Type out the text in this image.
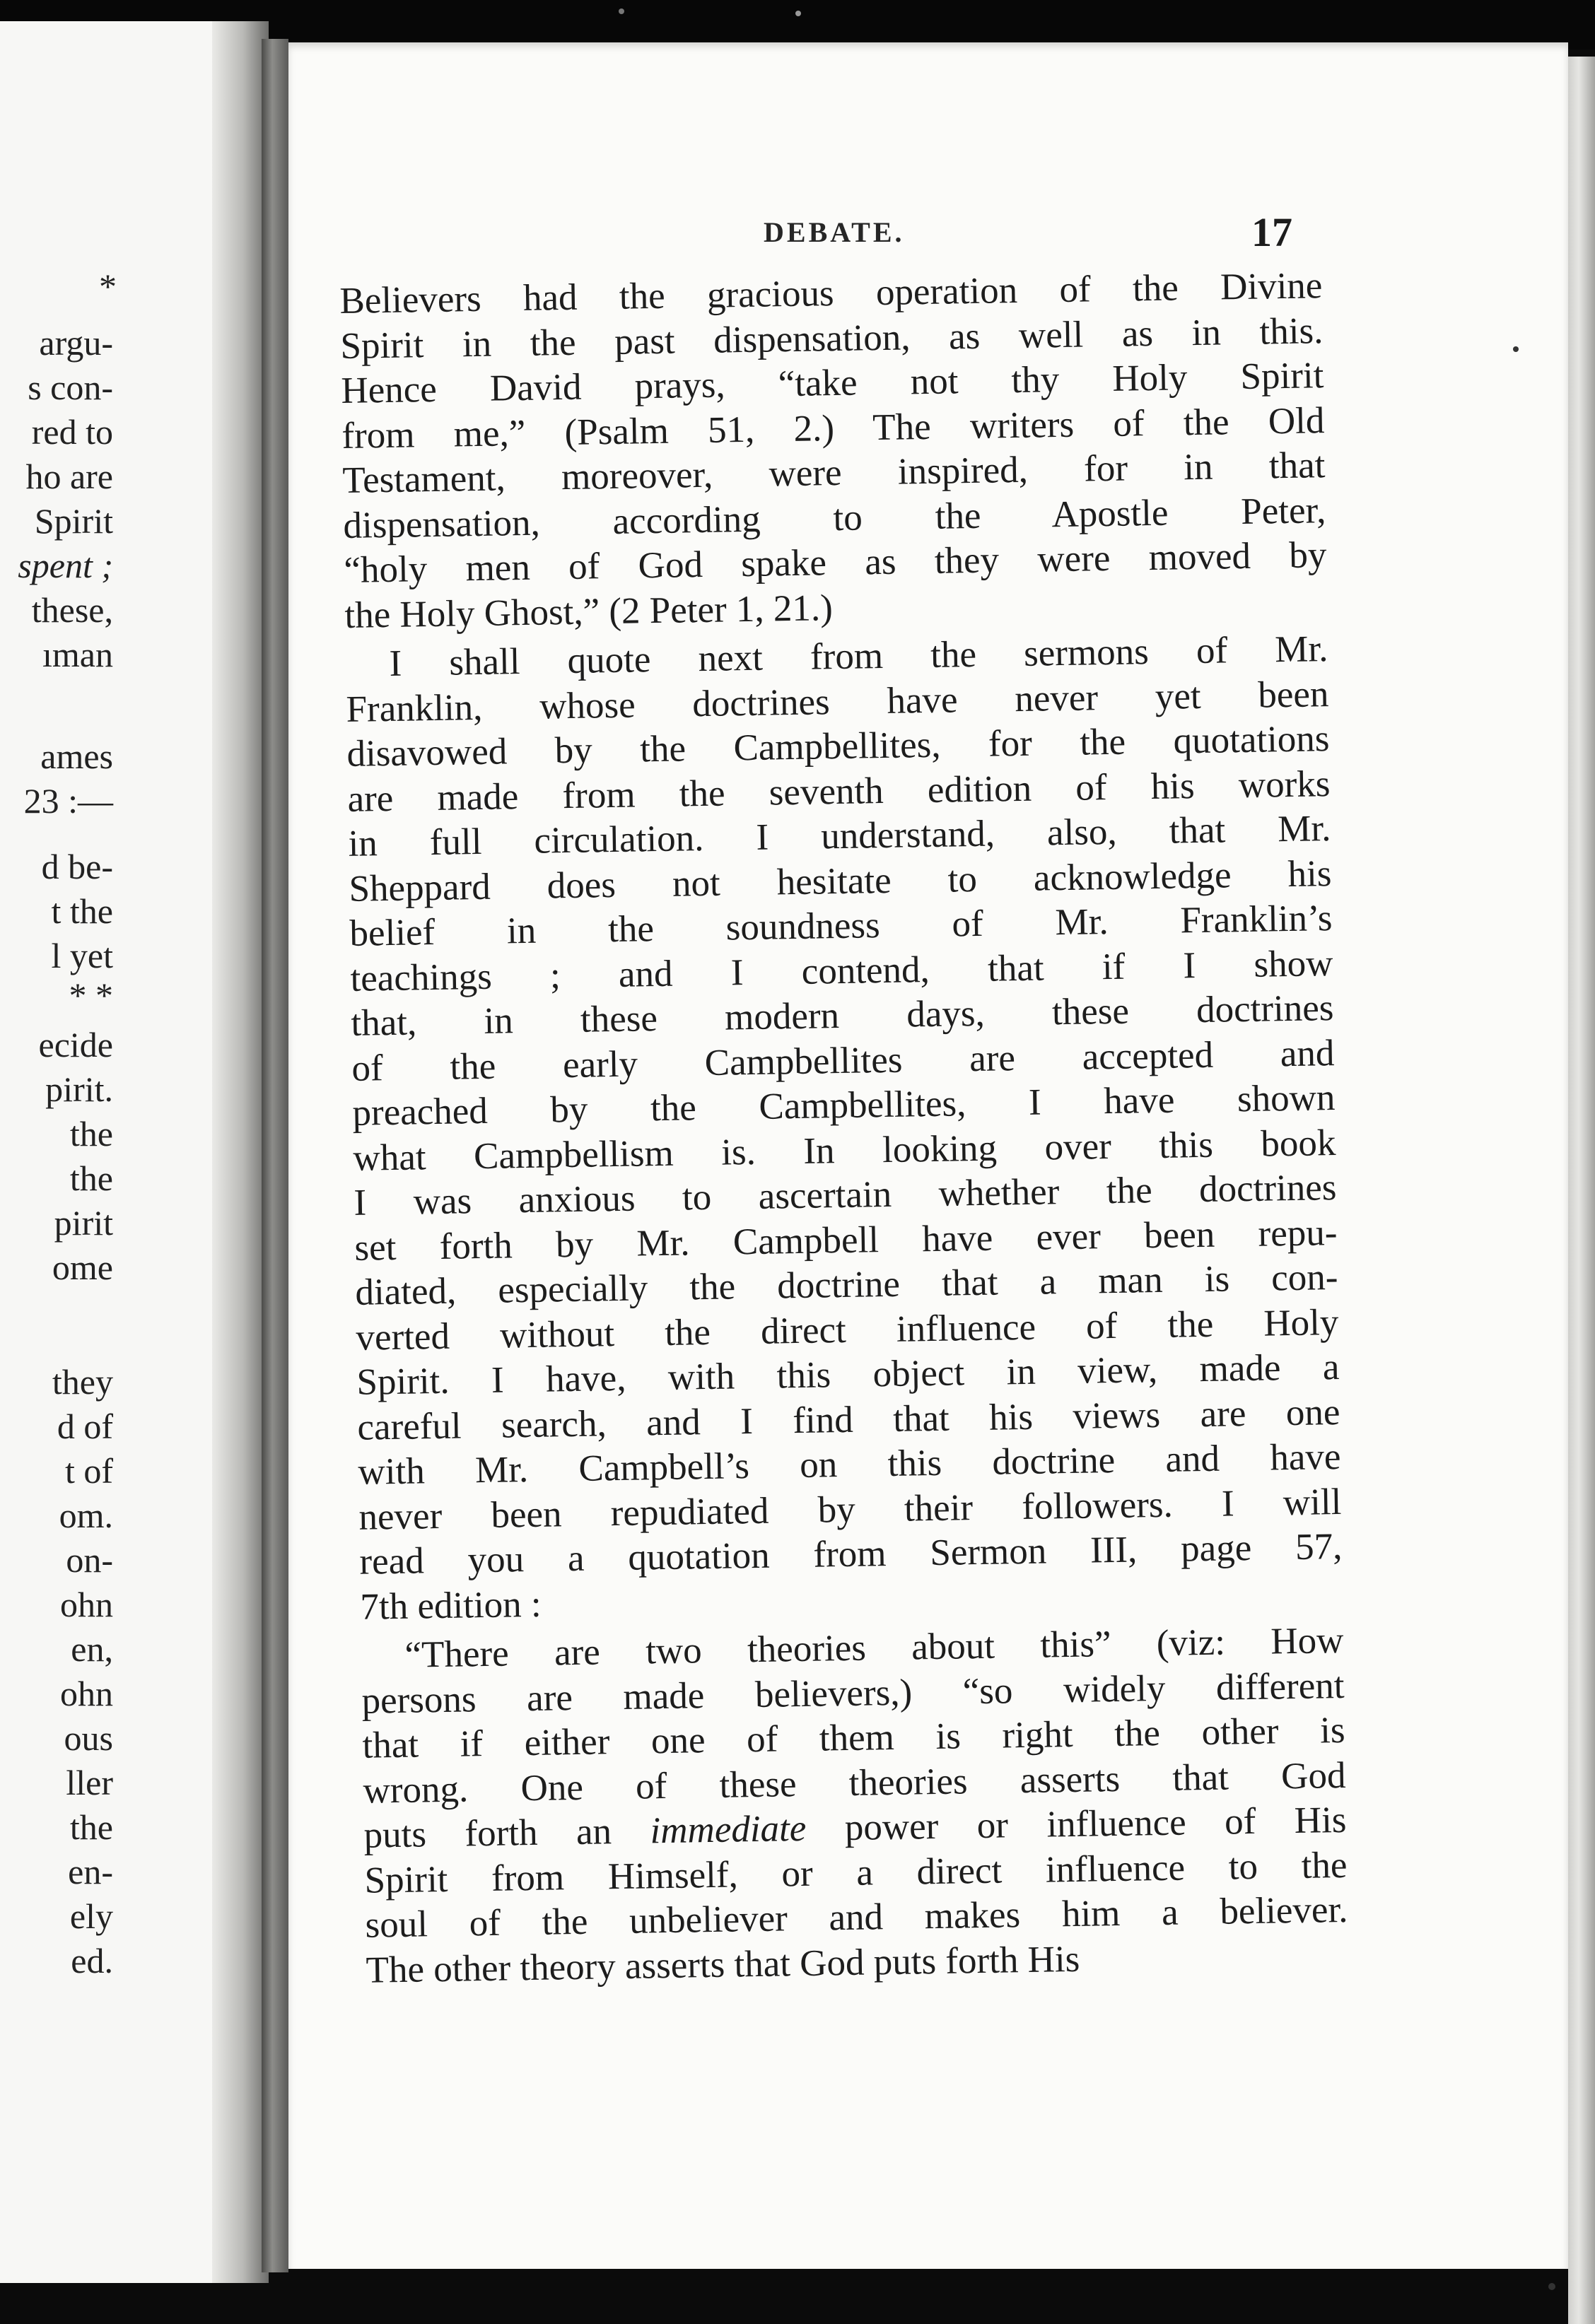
*
argu-
s con-
red to
ho are
Spirit
spent ;
these,
ıman
ames
23 :—
d be-
t the
l yet
* *
ecide
pirit.
the
the
pirit
ome
they
d of
t of
om.
on-
ohn
en,
ohn
ous
ller
the
en-
ely
ed.
DEBATE.	17
Believers had the gracious operation of the Divine
Spirit in the past dispensation, as well as in this.
Hence David prays, “take not thy Holy Spirit
from me,” (Psalm 51, 2.) The writers of the Old
Testament, moreover, were inspired, for in that
dispensation, according to the Apostle Peter,
“holy men of God spake as they were moved by
the Holy Ghost,” (2 Peter 1, 21.)
I shall quote next from the sermons of Mr.
Franklin, whose doctrines have never yet been
disavowed by the Campbellites, for the quotations
are made from the seventh edition of his works
in full circulation. I understand, also, that Mr.
Sheppard does not hesitate to acknowledge his
belief in the soundness of Mr. Franklin’s
teachings ; and I contend, that if I show
that, in these modern days, these doctrines
of the early Campbellites are accepted and
preached by the Campbellites, I have shown
what Campbellism is. In looking over this book
I was anxious to ascertain whether the doctrines
set forth by Mr. Campbell have ever been repu-
diated, especially the doctrine that a man is con-
verted without the direct influence of the Holy
Spirit. I have, with this object in view, made a
careful search, and I find that his views are one
with Mr. Campbell’s on this doctrine and have
never been repudiated by their followers. I will
read you a quotation from Sermon III, page 57,
7th edition :
“There are two theories about this” (viz: How
persons are made believers,) “so widely different
that if either one of them is right the other is
wrong. One of these theories asserts that God
puts forth an immediate power or influence of His
Spirit from Himself, or a direct influence to the
soul of the unbeliever and makes him a believer.
The other theory asserts that God puts forth His
